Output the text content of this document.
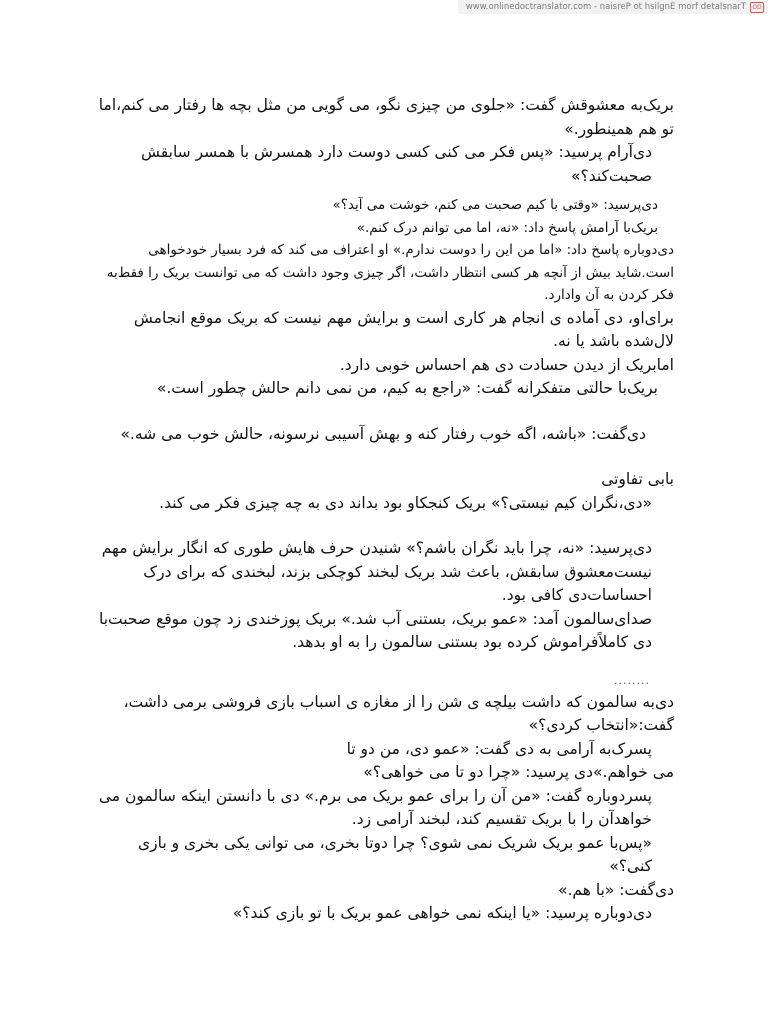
www.onlinedoctranslator.com - naisreP ot hsilgnE morf detalsnarT	OD

بریک‌به معشوقش گفت: «جلوی من چیزی نگو، می گویی من مثل بچه ها رفتار می کنم،اما تو هم همینطور.»

دی‌آرام پرسید: «پس فکر می کنی کسی دوست دارد همسرش با همسر سابقش صحبت‌کند؟»

دی‌پرسید: «وقتی با کیم صحبت می کنم، خوشت می آید؟»

بریک‌با آرامش پاسخ داد: «نه، اما می توانم درک کنم.»

دی‌دوباره پاسخ داد: «اما من این را دوست ندارم.» او اعتراف می کند که فرد بسیار خودخواهی است.شاید بیش از آنچه هر کسی انتظار داشت، اگر چیزی وجود داشت که می توانست بریک را فقط‌به فکر کردن به آن وادارد.

برای‌او، دی آماده ی انجام هر کاری است و برایش مهم نیست که بریک موقع انجامش لال‌شده باشد یا نه.

امابریک از دیدن حسادت دی هم احساس خوبی دارد.

بریک‌با حالتی متفکرانه گفت: «راجع به کیم، من نمی دانم حالش چطور است.»

دی‌گفت: «باشه، اگه خوب رفتار کنه و بهش آسیبی نرسونه، حالش خوب می شه.»

بابی تفاوتی

«دی،نگران کیم نیستی؟» بریک کنجکاو بود بداند دی به چه چیزی فکر می کند.

دی‌پرسید: «نه، چرا باید نگران باشم؟» شنیدن حرف هایش طوری که انگار برایش مهم نیست‌معشوق سابقش، باعث شد بریک لبخند کوچکی بزند، لبخندی که برای درک احساسات‌دی کافی بود.

صدای‌سالمون آمد: «عمو بریک، بستنی آب شد.» بریک پوزخندی زد چون موقع صحبت‌با دی کاملاً‌فراموش کرده بود بستنی سالمون را به او بدهد.

........

دی‌به سالمون که داشت بیلچه ی شن را از مغازه ی اسباب بازی فروشی برمی داشت، گفت:«انتخاب کردی؟»

پسرک‌به آرامی به دی گفت: «عمو دی، من دو تا

می خواهم.»دی پرسید: «چرا دو تا می خواهی؟»

پسردوباره گفت: «من آن را برای عمو بریک می برم.» دی با دانستن اینکه سالمون می خواهدآن را با بریک تقسیم کند، لبخند آرامی زد.

«پس‌با عمو بریک شریک نمی شوی؟ چرا دوتا بخری، می توانی یکی بخری و بازی کنی؟»

دی‌گفت: «با هم.»

دی‌دوباره پرسید: «یا اینکه نمی خواهی عمو بریک با تو بازی کند؟»
